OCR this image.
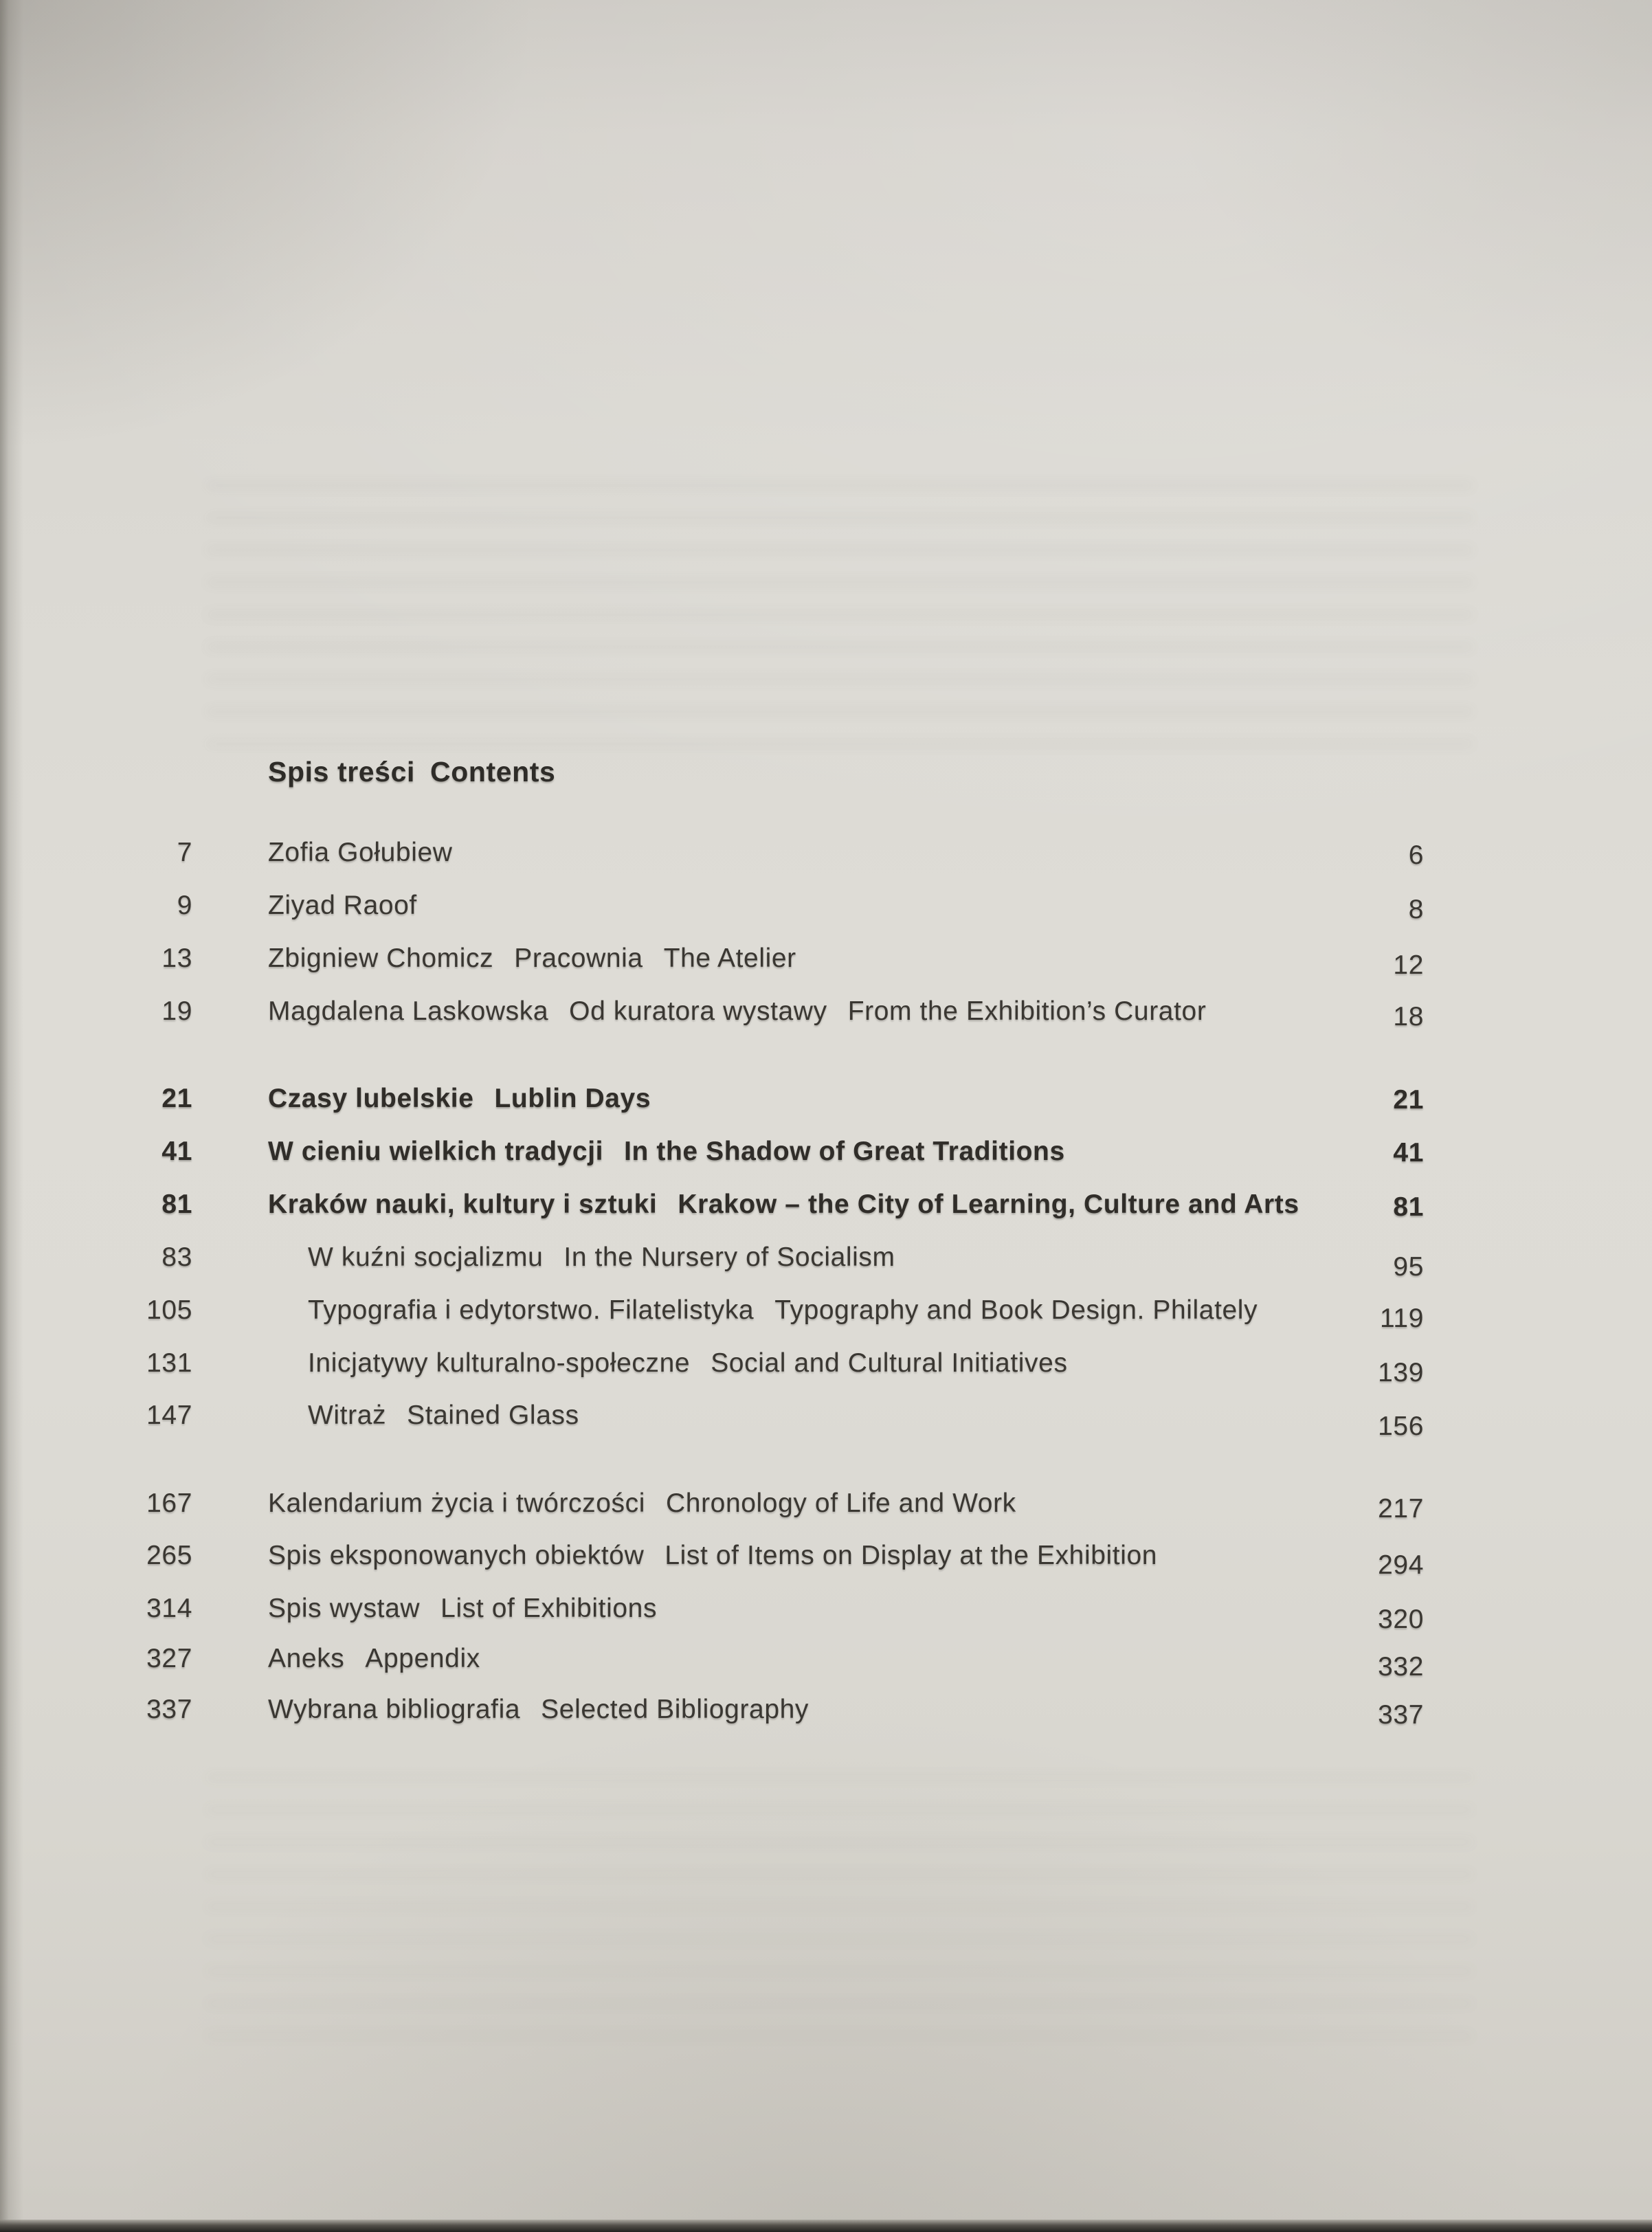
Spis treści Contents
7	Zofia Gołubiew	6
9	Ziyad Raoof	8
13	Zbigniew Chomicz Pracownia The Atelier	12
19	Magdalena Laskowska Od kuratora wystawy From the Exhibition’s Curator	18
21	Czasy lubelskie Lublin Days	21
41	W cieniu wielkich tradycji In the Shadow of Great Traditions	41
81	Kraków nauki, kultury i sztuki Krakow – the City of Learning, Culture and Arts	81
83	W kuźni socjalizmu In the Nursery of Socialism	95
105	Typografia i edytorstwo. Filatelistyka Typography and Book Design. Philately	119
131	Inicjatywy kulturalno-społeczne Social and Cultural Initiatives	139
147	Witraż Stained Glass	156
167	Kalendarium życia i twórczości Chronology of Life and Work	217
265	Spis eksponowanych obiektów List of Items on Display at the Exhibition	294
314	Spis wystaw List of Exhibitions	320
327	Aneks Appendix	332
337	Wybrana bibliografia Selected Bibliography	337
